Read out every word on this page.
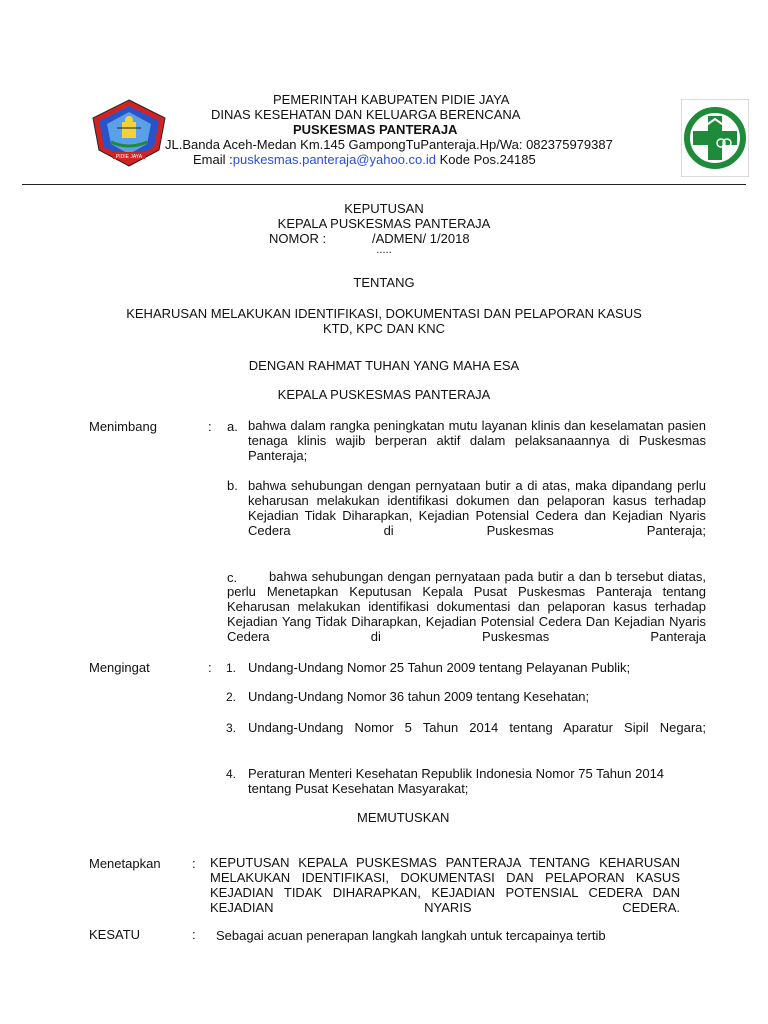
PIDIE JAYA
PEMERINTAH KABUPATEN PIDIE JAYA
DINAS KESEHATAN DAN KELUARGA BERENCANA
PUSKESMAS PANTERAJA
JL.Banda Aceh-Medan Km.145 GampongTuPanteraja.Hp/Wa: 082375979387
Email :puskesmas.panteraja@yahoo.co.id Kode Pos.24185
KEPUTUSAN
KEPALA PUSKESMAS PANTERAJA
NOMOR :	/ADMEN/ 1/2018
.....
TENTANG
KEHARUSAN MELAKUKAN IDENTIFIKASI, DOKUMENTASI DAN PELAPORAN KASUS
KTD, KPC DAN KNC
DENGAN RAHMAT TUHAN YANG MAHA ESA
KEPALA PUSKESMAS PANTERAJA
Menimbang	: a. bahwa dalam rangka peningkatan mutu layanan klinis dan keselamatan pasien tenaga klinis wajib berperan aktif dalam pelaksanaannya di Puskesmas Panteraja;
b. bahwa sehubungan dengan pernyataan butir a di atas, maka dipandang perlu keharusan melakukan identifikasi dokumen dan pelaporan kasus terhadap Kejadian Tidak Diharapkan, Kejadian Potensial Cedera dan Kejadian Nyaris Cedera di Puskesmas Panteraja;
c.	bahwa sehubungan dengan pernyataan pada butir a dan b tersebut diatas, perlu Menetapkan Keputusan Kepala Pusat Puskesmas Panteraja tentang Keharusan melakukan identifikasi dokumentasi dan pelaporan kasus terhadap Kejadian Yang Tidak Diharapkan, Kejadian Potensial Cedera Dan Kejadian Nyaris Cedera di Puskesmas Panteraja
Mengingat	: 1. Undang-Undang Nomor 25 Tahun 2009 tentang Pelayanan Publik;
2. Undang-Undang Nomor 36 tahun 2009 tentang Kesehatan;
3. Undang-Undang Nomor 5 Tahun 2014 tentang Aparatur Sipil Negara;
4. Peraturan Menteri Kesehatan Republik Indonesia Nomor 75 Tahun 2014 tentang Pusat Kesehatan Masyarakat;
MEMUTUSKAN
Menetapkan : KEPUTUSAN KEPALA PUSKESMAS PANTERAJA TENTANG KEHARUSAN MELAKUKAN IDENTIFIKASI, DOKUMENTASI DAN PELAPORAN KASUS KEJADIAN TIDAK DIHARAPKAN, KEJADIAN POTENSIAL CEDERA DAN KEJADIAN NYARIS CEDERA.
KESATU	: Sebagai acuan penerapan langkah langkah untuk tercapainya tertib
